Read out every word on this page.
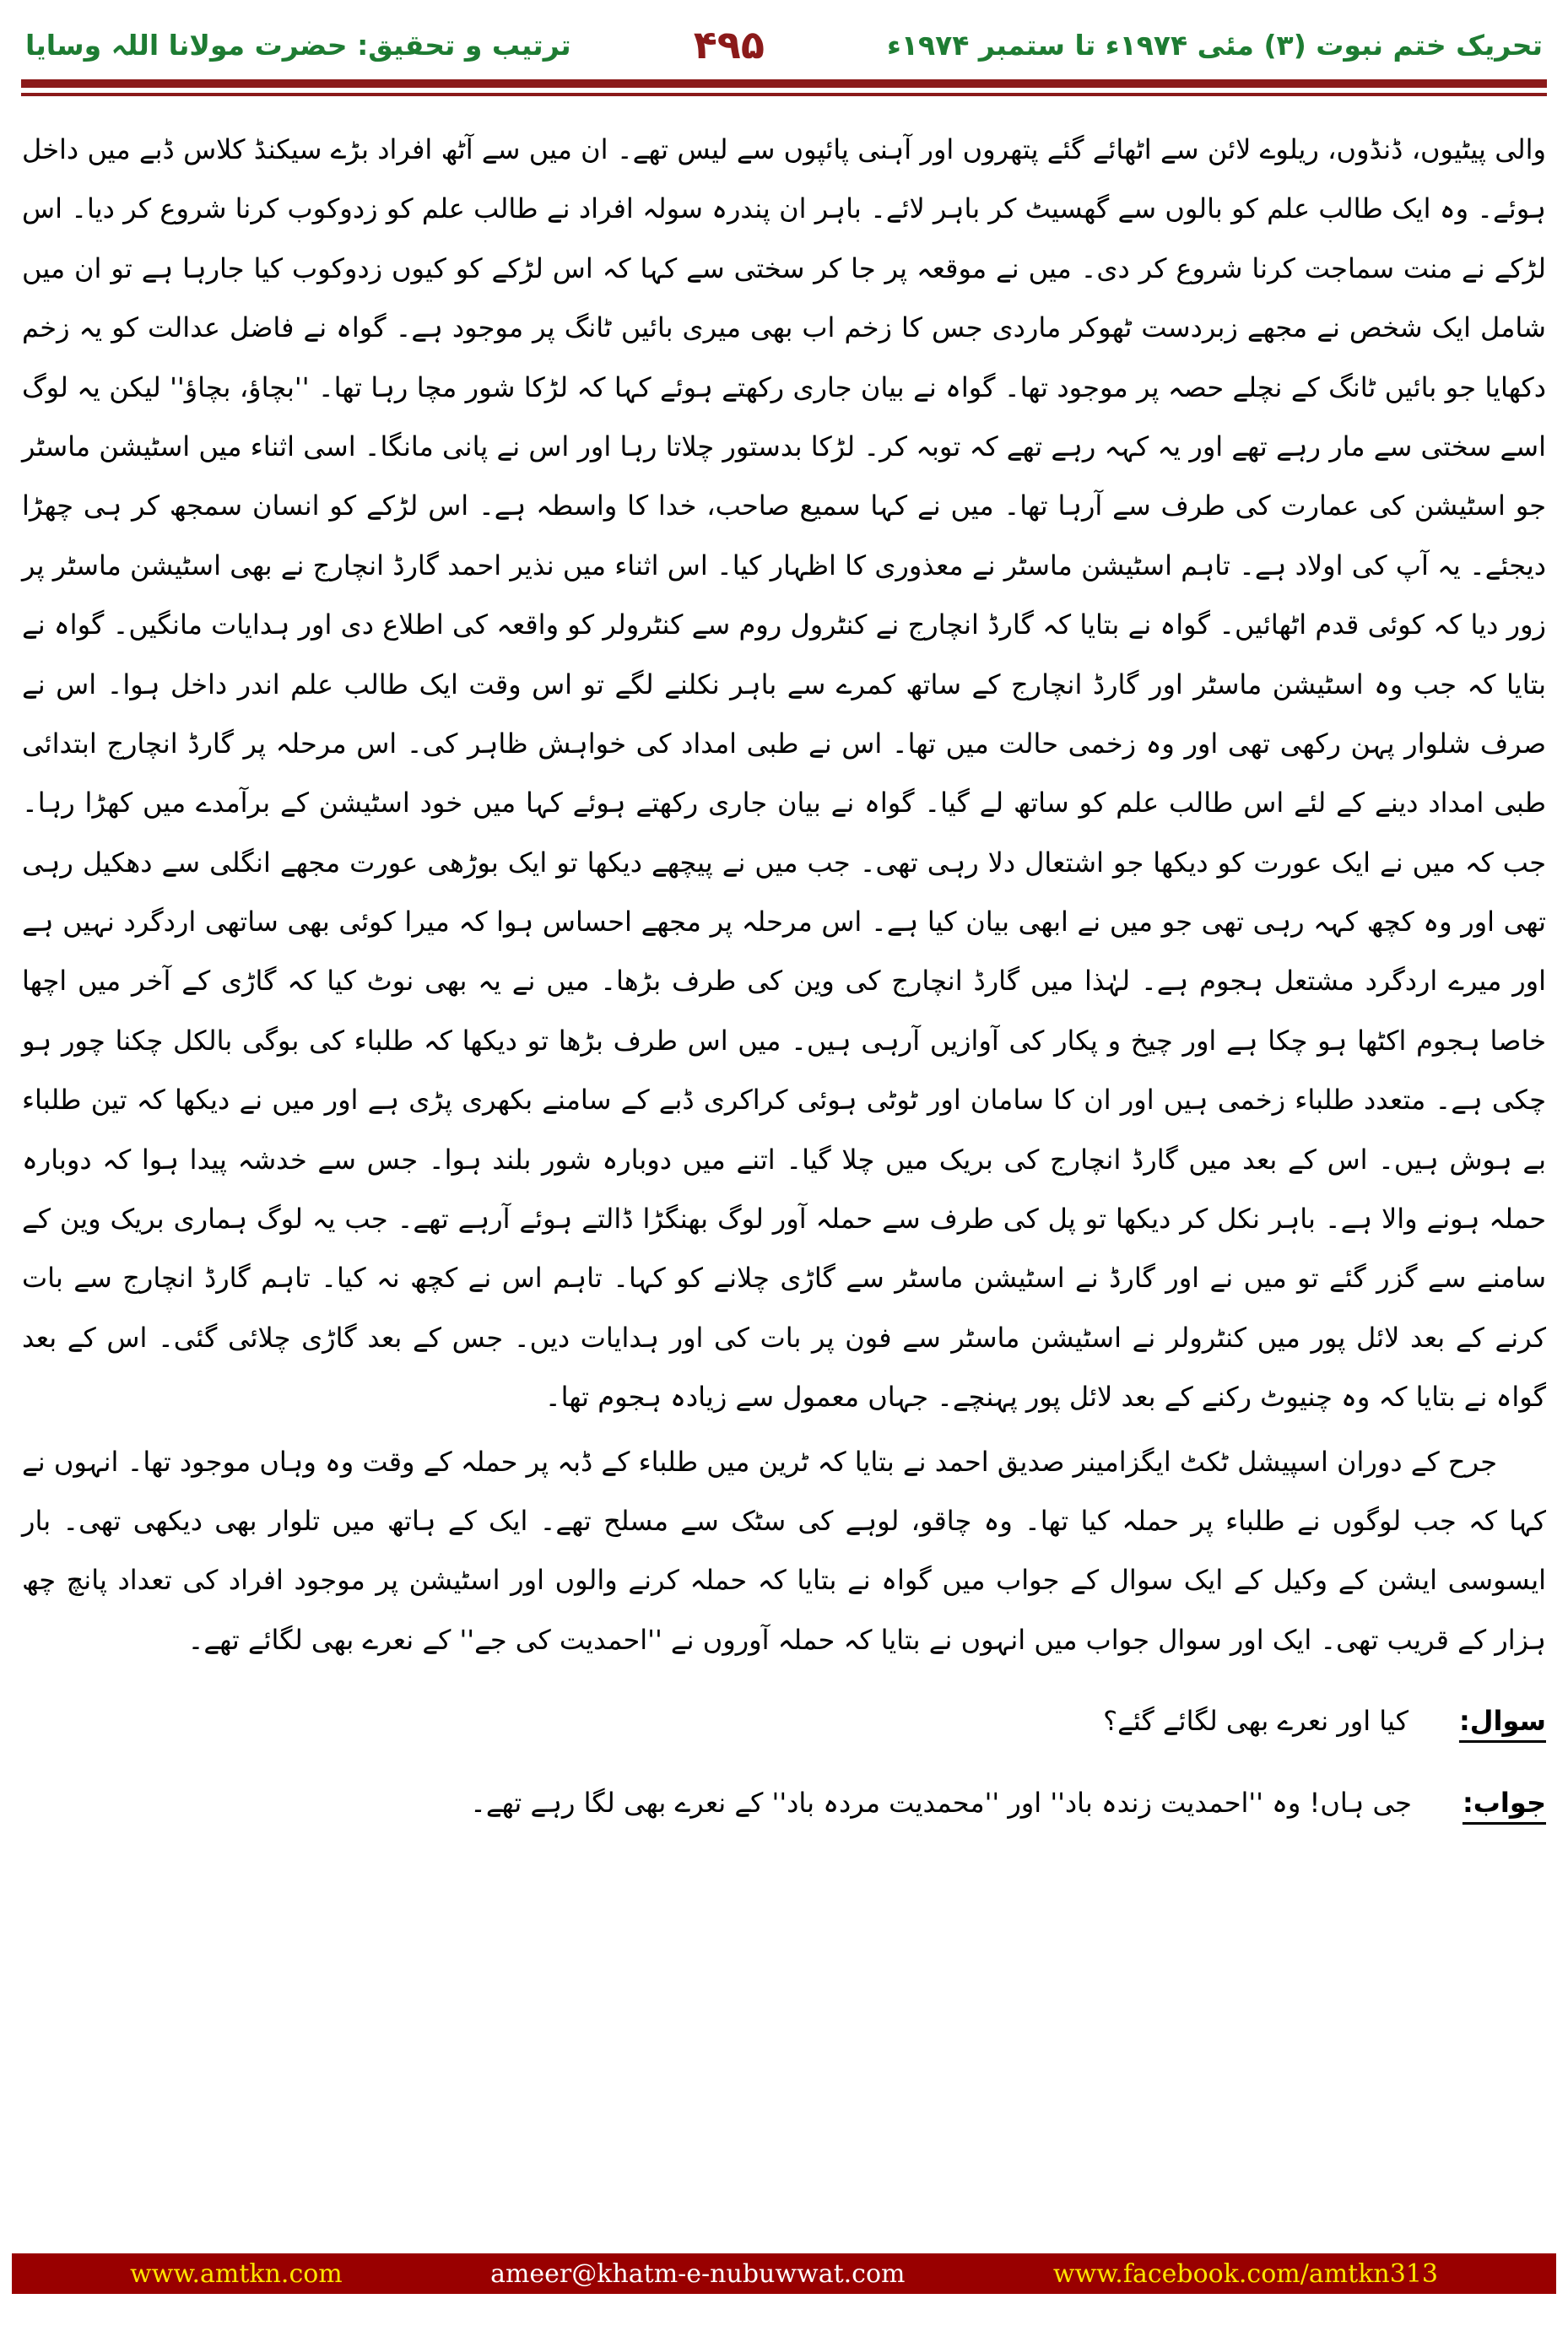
ترتیب و تحقیق: حضرت مولانا اللہ وسایا	۴۹۵	تحریک ختم نبوت (۳) مئی ۱۹۷۴ء تا ستمبر ۱۹۷۴ء

والی پیٹیوں، ڈنڈوں، ریلوے لائن سے اٹھائے گئے پتھروں اور آہنی پائپوں سے لیس تھے۔ ان میں سے آٹھ افراد بڑے سیکنڈ کلاس ڈبے میں داخل ہوئے۔ وہ ایک طالب علم کو بالوں سے گھسیٹ کر باہر لائے۔ باہر ان پندرہ سولہ افراد نے طالب علم کو زدوکوب کرنا شروع کر دیا۔ اس لڑکے نے منت سماجت کرنا شروع کر دی۔ میں نے موقعہ پر جا کر سختی سے کہا کہ اس لڑکے کو کیوں زدوکوب کیا جارہا ہے تو ان میں شامل ایک شخص نے مجھے زبردست ٹھوکر ماردی جس کا زخم اب بھی میری بائیں ٹانگ پر موجود ہے۔ گواہ نے فاضل عدالت کو یہ زخم دکھایا جو بائیں ٹانگ کے نچلے حصہ پر موجود تھا۔ گواہ نے بیان جاری رکھتے ہوئے کہا کہ لڑکا شور مچا رہا تھا۔ ''بچاؤ، بچاؤ'' لیکن یہ لوگ اسے سختی سے مار رہے تھے اور یہ کہہ رہے تھے کہ توبہ کر۔ لڑکا بدستور چلاتا رہا اور اس نے پانی مانگا۔ اسی اثناء میں اسٹیشن ماسٹر جو اسٹیشن کی عمارت کی طرف سے آرہا تھا۔ میں نے کہا سمیع صاحب، خدا کا واسطہ ہے۔ اس لڑکے کو انسان سمجھ کر ہی چھڑا دیجئے۔ یہ آپ کی اولاد ہے۔ تاہم اسٹیشن ماسٹر نے معذوری کا اظہار کیا۔ اس اثناء میں نذیر احمد گارڈ انچارج نے بھی اسٹیشن ماسٹر پر زور دیا کہ کوئی قدم اٹھائیں۔ گواہ نے بتایا کہ گارڈ انچارج نے کنٹرول روم سے کنٹرولر کو واقعہ کی اطلاع دی اور ہدایات مانگیں۔ گواہ نے بتایا کہ جب وہ اسٹیشن ماسٹر اور گارڈ انچارج کے ساتھ کمرے سے باہر نکلنے لگے تو اس وقت ایک طالب علم اندر داخل ہوا۔ اس نے صرف شلوار پہن رکھی تھی اور وہ زخمی حالت میں تھا۔ اس نے طبی امداد کی خواہش ظاہر کی۔ اس مرحلہ پر گارڈ انچارج ابتدائی طبی امداد دینے کے لئے اس طالب علم کو ساتھ لے گیا۔ گواہ نے بیان جاری رکھتے ہوئے کہا میں خود اسٹیشن کے برآمدے میں کھڑا رہا۔ جب کہ میں نے ایک عورت کو دیکھا جو اشتعال دلا رہی تھی۔ جب میں نے پیچھے دیکھا تو ایک بوڑھی عورت مجھے انگلی سے دھکیل رہی تھی اور وہ کچھ کہہ رہی تھی جو میں نے ابھی بیان کیا ہے۔ اس مرحلہ پر مجھے احساس ہوا کہ میرا کوئی بھی ساتھی اردگرد نہیں ہے اور میرے اردگرد مشتعل ہجوم ہے۔ لہٰذا میں گارڈ انچارج کی وین کی طرف بڑھا۔ میں نے یہ بھی نوٹ کیا کہ گاڑی کے آخر میں اچھا خاصا ہجوم اکٹھا ہو چکا ہے اور چیخ و پکار کی آوازیں آرہی ہیں۔ میں اس طرف بڑھا تو دیکھا کہ طلباء کی بوگی بالکل چکنا چور ہو چکی ہے۔ متعدد طلباء زخمی ہیں اور ان کا سامان اور ٹوٹی ہوئی کراکری ڈبے کے سامنے بکھری پڑی ہے اور میں نے دیکھا کہ تین طلباء بے ہوش ہیں۔ اس کے بعد میں گارڈ انچارج کی بریک میں چلا گیا۔ اتنے میں دوبارہ شور بلند ہوا۔ جس سے خدشہ پیدا ہوا کہ دوبارہ حملہ ہونے والا ہے۔ باہر نکل کر دیکھا تو پل کی طرف سے حملہ آور لوگ بھنگڑا ڈالتے ہوئے آرہے تھے۔ جب یہ لوگ ہماری بریک وین کے سامنے سے گزر گئے تو میں نے اور گارڈ نے اسٹیشن ماسٹر سے گاڑی چلانے کو کہا۔ تاہم اس نے کچھ نہ کیا۔ تاہم گارڈ انچارج سے بات کرنے کے بعد لائل پور میں کنٹرولر نے اسٹیشن ماسٹر سے فون پر بات کی اور ہدایات دیں۔ جس کے بعد گاڑی چلائی گئی۔ اس کے بعد گواہ نے بتایا کہ وہ چنیوٹ رکنے کے بعد لائل پور پہنچے۔ جہاں معمول سے زیادہ ہجوم تھا۔

جرح کے دوران اسپیشل ٹکٹ ایگزامینر صدیق احمد نے بتایا کہ ٹرین میں طلباء کے ڈبہ پر حملہ کے وقت وہ وہاں موجود تھا۔ انہوں نے کہا کہ جب لوگوں نے طلباء پر حملہ کیا تھا۔ وہ چاقو، لوہے کی سٹک سے مسلح تھے۔ ایک کے ہاتھ میں تلوار بھی دیکھی تھی۔ بار ایسوسی ایشن کے وکیل کے ایک سوال کے جواب میں گواہ نے بتایا کہ حملہ کرنے والوں اور اسٹیشن پر موجود افراد کی تعداد پانچ چھ ہزار کے قریب تھی۔ ایک اور سوال جواب میں انہوں نے بتایا کہ حملہ آوروں نے ''احمدیت کی جے'' کے نعرے بھی لگائے تھے۔

سوال:
کیا اور نعرے بھی لگائے گئے؟
جواب:
جی ہاں! وہ ''احمدیت زندہ باد'' اور ''محمدیت مردہ باد'' کے نعرے بھی لگا رہے تھے۔
www.amtkn.com	ameer@khatm-e-nubuwwat.com	www.facebook.com/amtkn313
